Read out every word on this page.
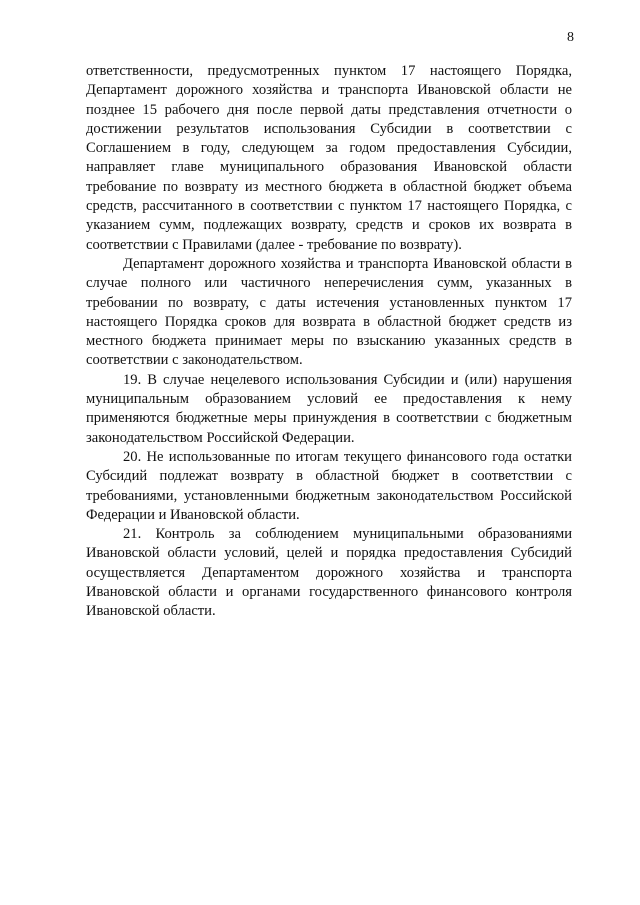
8

ответственности, предусмотренных пунктом 17 настоящего Порядка, Департамент дорожного хозяйства и транспорта Ивановской области не позднее 15 рабочего дня после первой даты представления отчетности о достижении результатов использования Субсидии в соответствии с Соглашением в году, следующем за годом предоставления Субсидии, направляет главе муниципального образования Ивановской области требование по возврату из местного бюджета в областной бюджет объема средств, рассчитанного в соответствии с пунктом 17 настоящего Порядка, с указанием сумм, подлежащих возврату, средств и сроков их возврата в соответствии с Правилами (далее - требование по возврату).

Департамент дорожного хозяйства и транспорта Ивановской области в случае полного или частичного неперечисления сумм, указанных в требовании по возврату, с даты истечения установленных пунктом 17 настоящего Порядка сроков для возврата в областной бюджет средств из местного бюджета принимает меры по взысканию указанных средств в соответствии с законодательством.

19. В случае нецелевого использования Субсидии и (или) нарушения муниципальным образованием условий ее предоставления к нему применяются бюджетные меры принуждения в соответствии с бюджетным законодательством Российской Федерации.

20. Не использованные по итогам текущего финансового года остатки Субсидий подлежат возврату в областной бюджет в соответствии с требованиями, установленными бюджетным законодательством Российской Федерации и Ивановской области.

21. Контроль за соблюдением муниципальными образованиями Ивановской области условий, целей и порядка предоставления Субсидий осуществляется Департаментом дорожного хозяйства и транспорта Ивановской области и органами государственного финансового контроля Ивановской области.
